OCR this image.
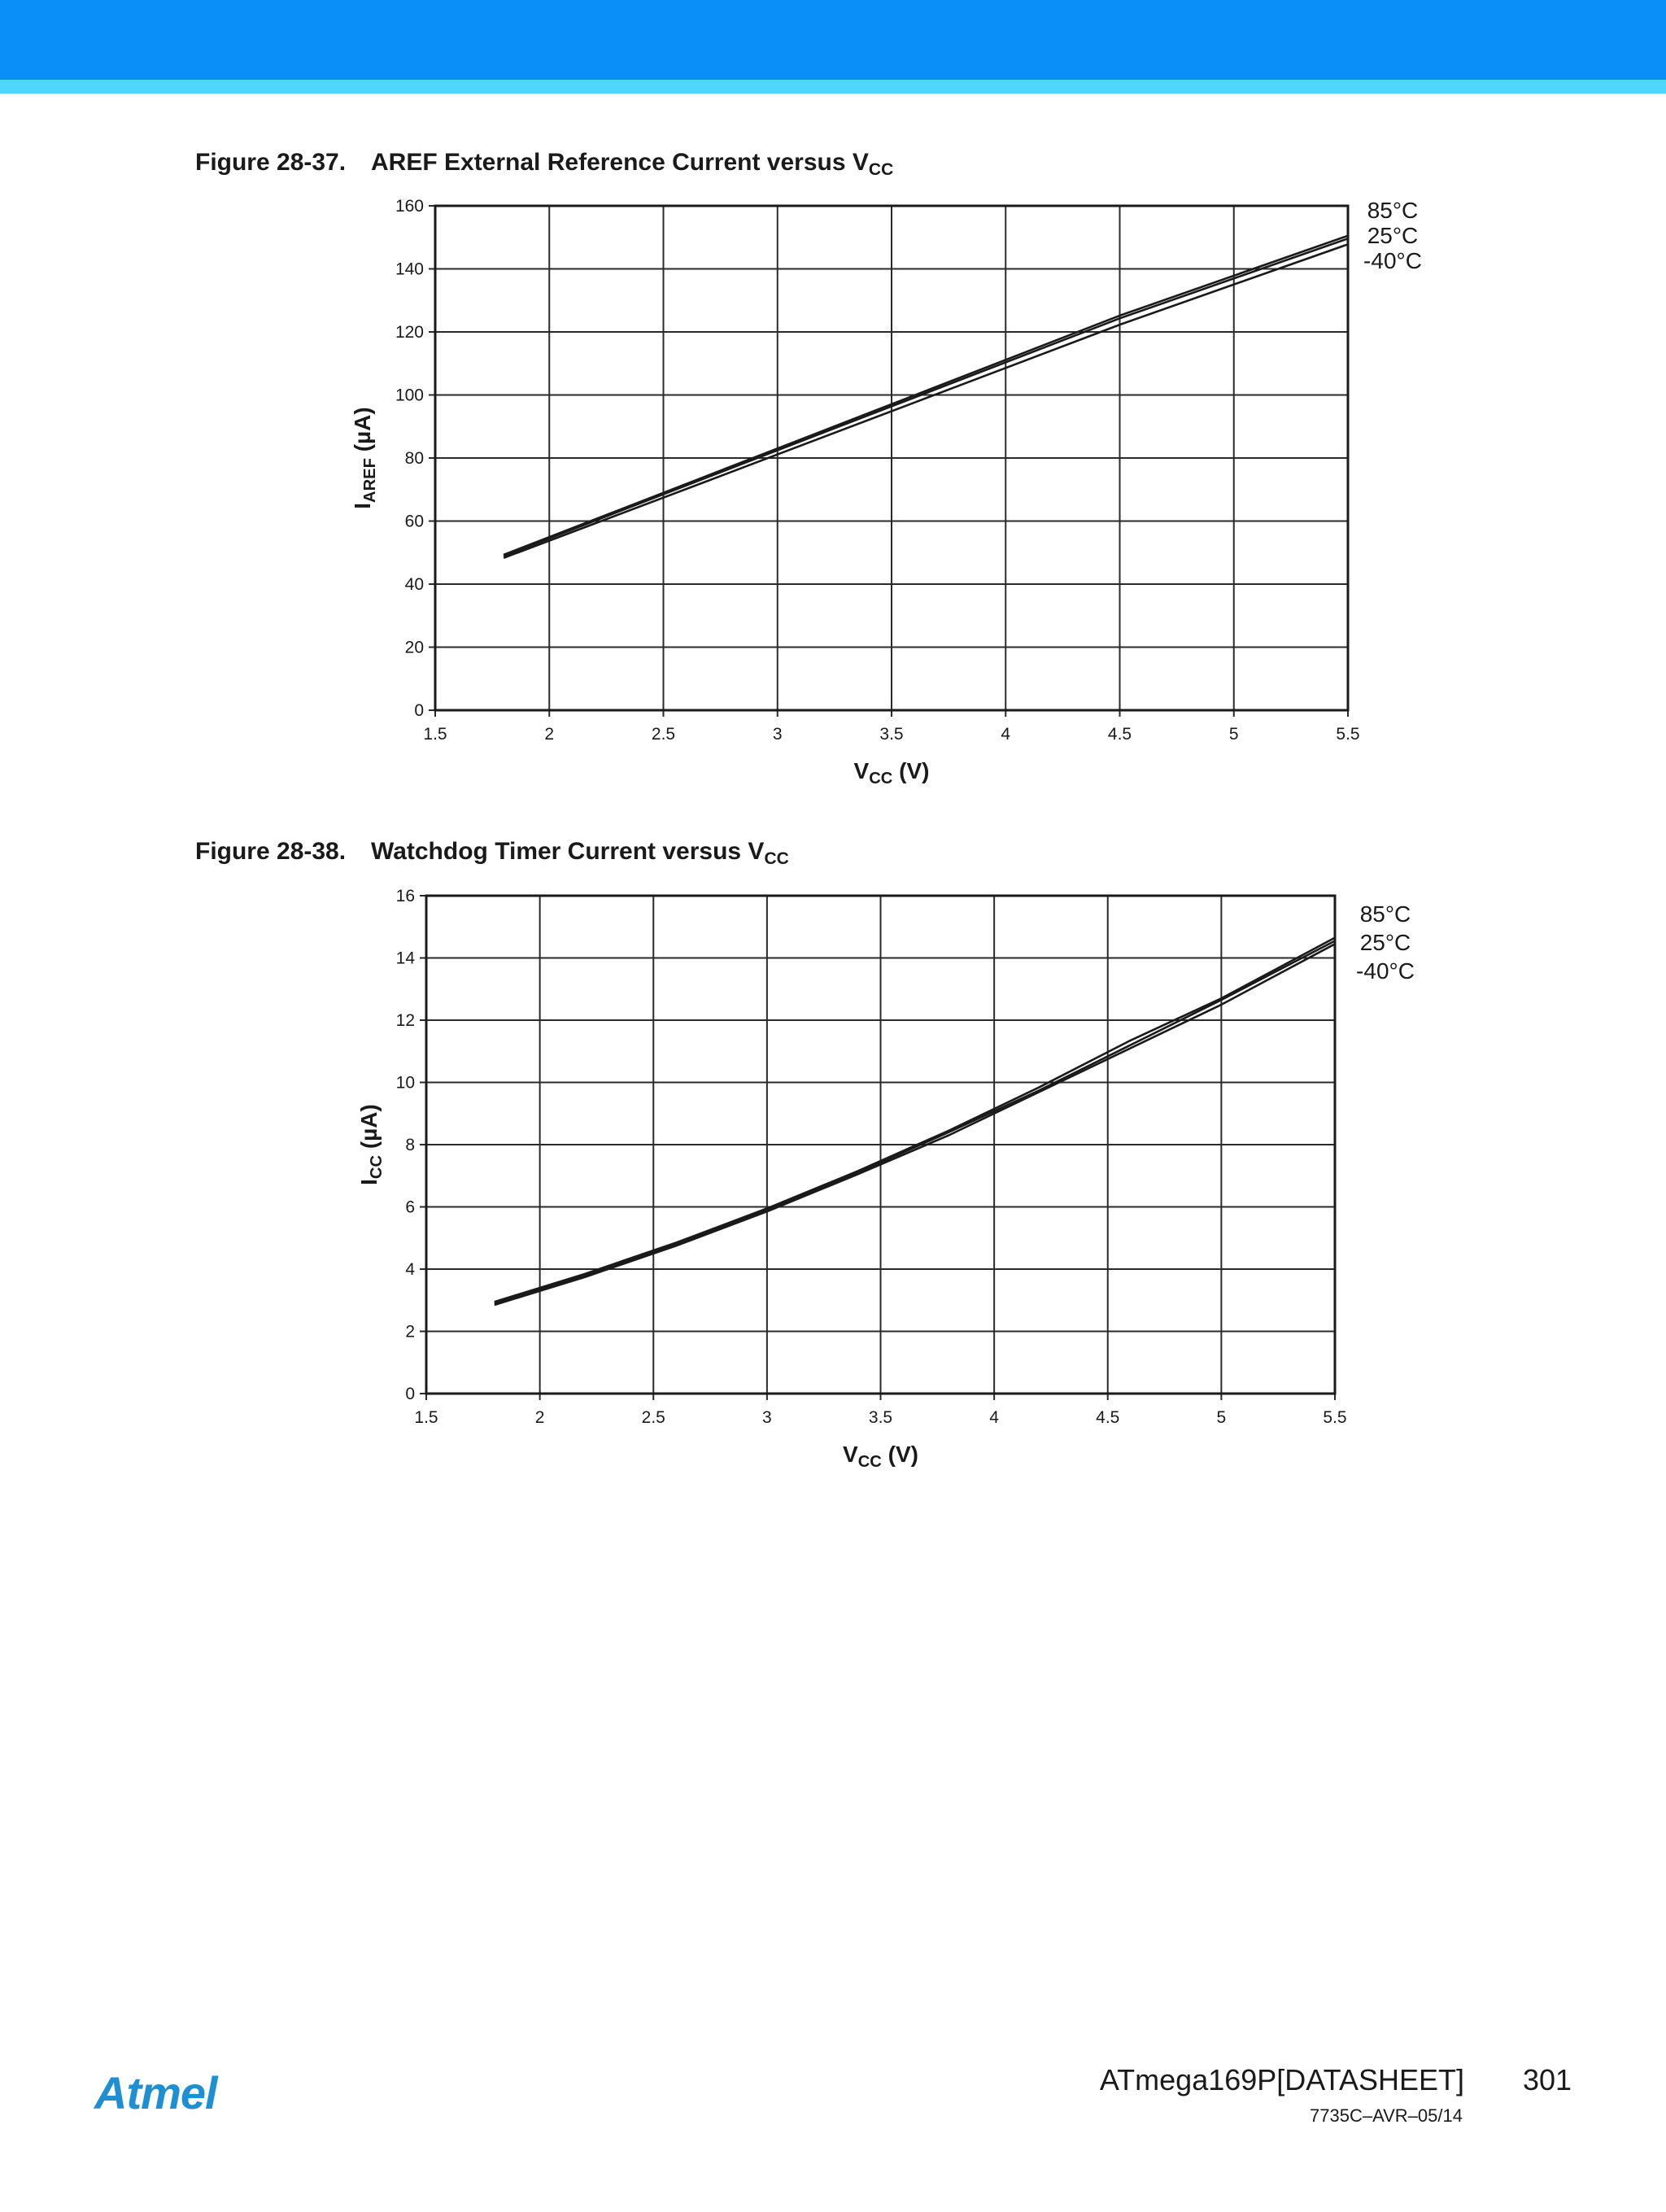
Figure 28-37. AREF External Reference Current versus $V_{CC}$
1.5	2	2.5	3	3.5	4	4.5	5	5.5
0
20
40
60
80
100
120
140
160	85°C
25°C
-40°C
$V_{CC}$ (V)
$I_{AREF}$ (µA)
Figure 28-38. Watchdog Timer Current versus $V_{CC}$
1.5	2	2.5	3	3.5	4	4.5	5	5.5
0
2
4
6
8
10
12
14
16
85°C
25°C
-40°C
$V_{CC}$ (V)
$I_{CC}$ (µA)
Atmel	ATmega169P[DATASHEET] 301
7735C–AVR–05/14
